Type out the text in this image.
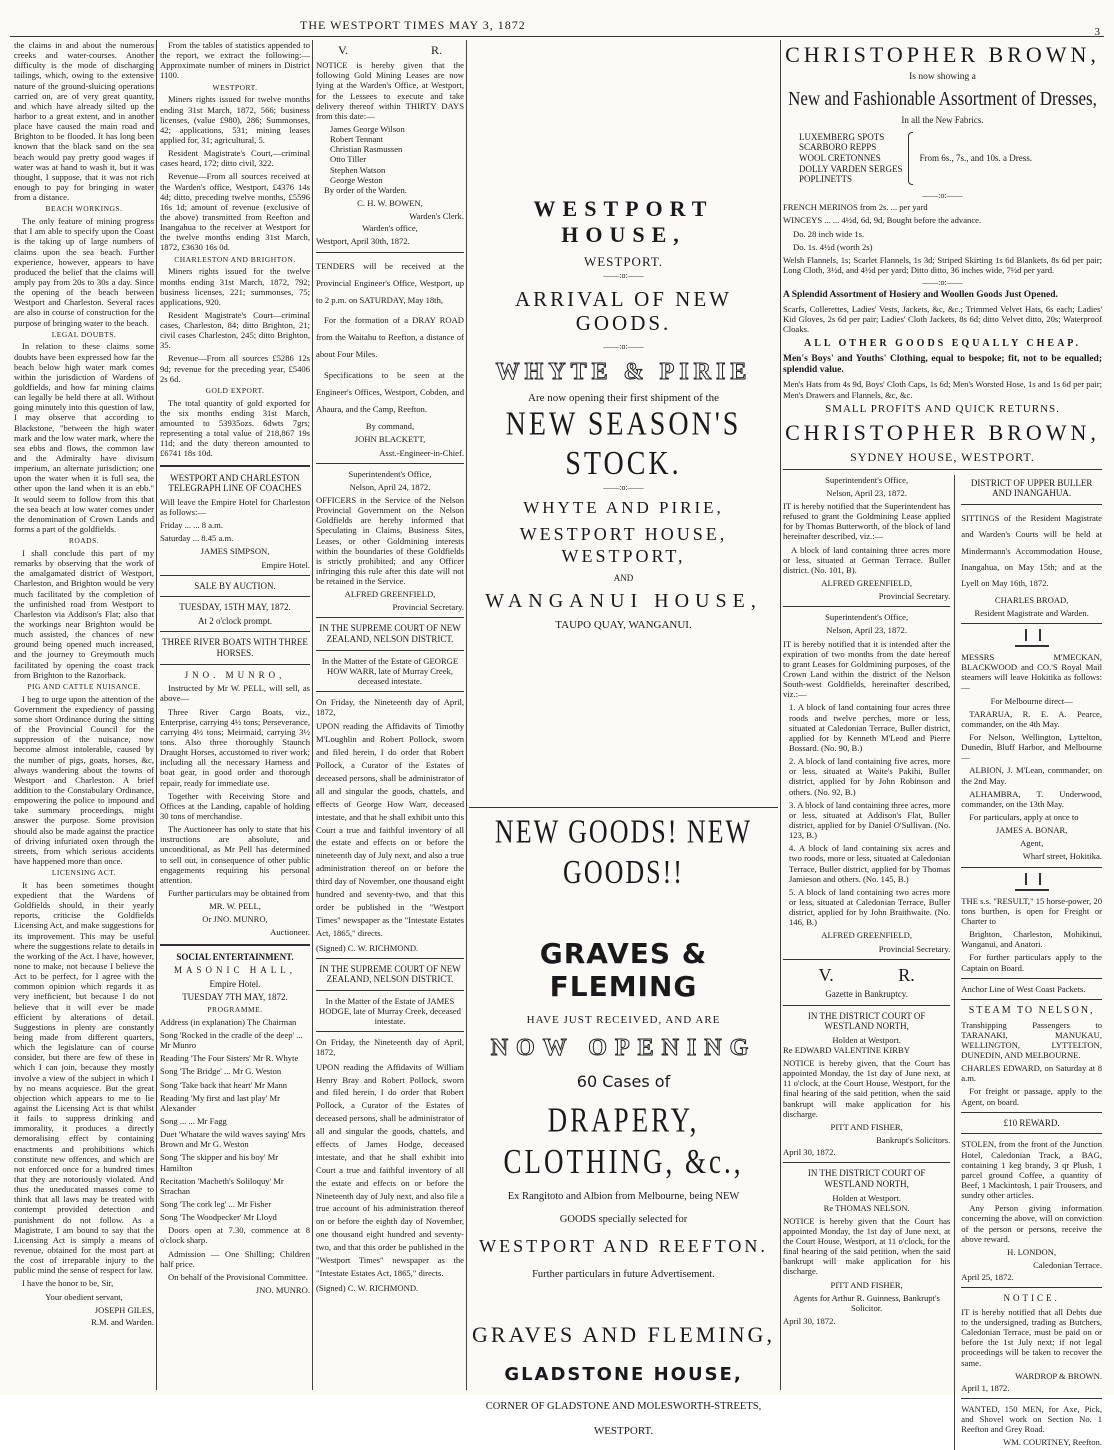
THE WESTPORT TIMES MAY 3, 1872	3

the claims in and about the numerous creeks and water-courses. Another difficulty is the mode of discharging tailings, which, owing to the extensive nature of the ground-sluicing operations carried on, are of very great quantity, and which have already silted up the harbor to a great extent, and in another place have caused the main road and Brighton to be flooded. It has long been known that the black sand on the sea beach would pay pretty good wages if water was at hand to wash it, but it was thought, I suppose, that it was not rich enough to pay for bringing in water from a distance.

BEACH WORKINGS.

The only feature of mining progress that I am able to specify upon the Coast is the taking up of large numbers of claims upon the sea beach. Further experience, however, appears to have produced the belief that the claims will amply pay from 20s to 30s a day. Since the opening of the beach between Westport and Charleston. Several races are also in course of construction for the purpose of bringing water to the beach.

LEGAL DOUBTS.

In relation to these claims some doubts have been expressed how far the beach below high water mark comes within the jurisdiction of Wardens of goldfields, and how far mining claims can legally be held there at all. Without going minutely into this question of law, I may observe that according to Blackstone, "between the high water mark and the low water mark, where the sea ebbs and flows, the common law and the Admiralty have divisum imperium, an alternate jurisdiction; one upon the water when it is full sea, the other upon the land when it is an ebb." It would seem to follow from this that the sea beach at low water comes under the denomination of Crown Lands and forms a part of the goldfields.

ROADS.

I shall conclude this part of my remarks by observing that the work of the amalgamated district of Westport, Charleston, and Brighton would be very much facilitated by the completion of the unfinished road from Westport to Charleston via Addison's Flat; also that the workings near Brighton would be much assisted, the chances of new ground being opened much increased, and the journey to Greymouth much facilitated by opening the coast track from Brighton to the Razorback.

PIG AND CATTLE NUISANCE.

I beg to urge upon the attention of the Government the expediency of passing some short Ordinance during the sitting of the Provincial Council for the suppression of the nuisance, now become almost intolerable, caused by the number of pigs, goats, horses, &c, always wandering about the towns of Westport and Charleston. A brief addition to the Constabulary Ordinance, empowering the police to impound and take summary proceedings, might answer the purpose. Some provision should also be made against the practice of driving infuriated oxen through the streets, from which serious accidents have happened more than once.

LICENSING ACT.

It has been sometimes thought expedient that the Wardens of Goldfields should, in their yearly reports, criticise the Goldfields Licensing Act, and make suggestions for its improvement. This may be useful where the suggestions relate to details in the working of the Act. I have, however, none to make, not because I believe the Act to be perfect, for I agree with the common opinion which regards it as very inefficient, but because I do not believe that it will ever be made efficient by alterations of detail. Suggestions in plenty are constantly being made from different quarters, which the legislature can of course consider, but there are few of these in which I can join, because they mostly involve a view of the subject in which I by no means acquiesce. But the great objection which appears to me to lie against the Licensing Act is that whilst it fails to suppress drinking and immorality, it produces a directly demoralising effect by containing enactments and prohibitions which constitute new offences, and which are not enforced once for a hundred times that they are notoriously violated. And thus the uneducated masses come to think that all laws may be treated with contempt provided detection and punishment do not follow. As a Magistrate, I am bound to say that the Licensing Act is simply a means of revenue, obtained for the most part at the cost of irreparable injury to the public mind the sense of respect for law.

I have the honor to be, Sir,

Your obedient servant,

JOSEPH GILES,

R.M. and Warden.

From the tables of statistics appended to the report, we extract the following:—Approximate number of miners in District 1100.

WESTPORT.

Miners rights issued for twelve months ending 31st March, 1872, 566; business licenses, (value £980), 286; Summonses, 42; applications, 531; mining leases applied for, 31; agricultural, 5.

Resident Magistrate's Court,—criminal cases heard, 172; ditto civil, 322.

Revenue—From all sources received at the Warden's office, Westport, £4376 14s 4d; ditto, preceding twelve months, £5596 16s 1d; amount of revenue (exclusive of the above) transmitted from Reefton and Inangahua to the receiver at Westport for the twelve months ending 31st March, 1872, £3630 16s 0d.

CHARLESTON AND BRIGHTON.

Miners rights issued for the twelve months ending 31st March, 1872, 792; business licenses, 221; summonses, 75; applications, 920.

Resident Magistrate's Court—criminal cases, Charleston, 84; ditto Brighton, 21; civil cases Charleston, 245; ditto Brighton, 35.

Revenue—From all sources £5286 12s 9d; revenue for the preceding year, £5406 2s 6d.

GOLD EXPORT.

The total quantity of gold exported for the six months ending 31st March, amounted to 53935ozs. 6dwts 7grs; representing a total value of 218,867 19s 11d; and the duty thereon amounted to £6741 18s 10d.

WESTPORT AND CHARLESTON TELEGRAPH LINE OF COACHES

Will leave the Empire Hotel for Charleston as follows:—

Friday ... ... 8 a.m.

Saturday ... 8.45 a.m.

JAMES SIMPSON,

Empire Hotel.

SALE BY AUCTION.
TUESDAY, 15TH MAY, 1872.
At 2 o'clock prompt.
THREE RIVER BOATS WITH THREE HORSES.
JNO. MUNRO,

Instructed by Mr W. PELL, will sell, as above—

Three River Cargo Boats, viz., Enterprise, carrying 4½ tons; Perseverance, carrying 4½ tons; Meirmaid, carrying 3½ tons. Also three thoroughly Staunch Draught Horses, accustomed to river work; including all the necessary Harness and boat gear, in good order and thorough repair, ready for immediate use.

Together with Receiving Store and Offices at the Landing, capable of holding 30 tons of merchandise.

The Auctioneer has only to state that his instructions are absolute, and unconditional, as Mr Pell has determined to sell out, in consequence of other public engagements requiring his personal attention.

Further particulars may be obtained from

MR. W. PELL,

Or JNO. MUNRO,

Auctioneer.

SOCIAL ENTERTAINMENT.
MASONIC HALL,
Empire Hotel.
TUESDAY 7TH MAY, 1872.
PROGRAMME.

Address (in explanation) The Chairman

Song 'Rocked in the cradle of the deep' ... Mr Munro

Reading 'The Four Sisters' Mr R. Whyte

Song 'The Bridge' ... Mr G. Weston

Song 'Take back that heart' Mr Mann

Reading 'My first and last play' Mr Alexander

Song ... ... Mr Fagg

Duet 'Whatare the wild waves saying' Mrs Brown and Mr G. Weston

Song 'The skipper and his boy' Mr Hamilton

Recitation 'Macbeth's Soliloquy' Mr Strachan

Song 'The cork leg' ... Mr Fisher

Song 'The Woodpecker' Mr Lloyd

Doors open at 7.30, commence at 8 o'clock sharp.

Admission — One Shilling; Children half price.

On behalf of the Provisional Committee.

JNO. MUNRO.

V. R.

NOTICE is hereby given that the following Gold Mining Leases are now lying at the Warden's Office, at Westport, for the Lessees to execute and take delivery thereof within THIRTY DAYS from this date:—

James George Wilson

Robert Tennant

Christian Rasmussen

Otto Tiller

Stephen Watson

George Weston

By order of the Warden.

C. H. W. BOWEN,

Warden's Clerk.

Warden's office,

Westport, April 30th, 1872.

TENDERS will be received at the Provincial Engineer's Office, Westport, up to 2 p.m. on SATURDAY, May 18th,

For the formation of a DRAY ROAD from the Waitahu to Reefton, a distance of about Four Miles.

Specifications to be seen at the Engineer's Offices, Westport, Cobden, and Ahaura, and the Camp, Reefton.

By command,

JOHN BLACKETT,

Asst.-Engineer-in-Chief.

Superintendent's Office,

Nelson, April 24, 1872.

OFFICERS in the Service of the Nelson Provincial Government on the Nelson Goldfields are hereby informed that Speculating in Claims, Business Sites, Leases, or other Goldmining interests within the boundaries of these Goldfields is strictly prohibited; and any Officer infringing this rule after this date will not be retained in the Service.

ALFRED GREENFIELD,

Provincial Secretary.

IN THE SUPREME COURT OF NEW ZEALAND, NELSON DISTRICT.

In the Matter of the Estate of GEORGE HOW WARR, late of Murray Creek, deceased intestate.

On Friday, the Nineteenth day of April, 1872,

UPON reading the Affidavits of Timothy M'Loughlin and Robert Pollock, sworn and filed herein, I do order that Robert Pollock, a Curator of the Estates of deceased persons, shall be administrator of all and singular the goods, chattels, and effects of George How Warr, deceased intestate, and that he shall exhibit unto this Court a true and faithful inventory of all the estate and effects on or before the nineteenth day of July next, and also a true administration thereof on or before the third day of November, one thousand eight hundred and seventy-two, and that this order be published in the "Westport Times" newspaper as the "Intestate Estates Act, 1865," directs.

(Signed) C. W. RICHMOND.

IN THE SUPREME COURT OF NEW ZEALAND, NELSON DISTRICT.

In the Matter of the Estate of JAMES HODGE, late of Murray Creek, deceased intestate.

On Friday, the Nineteenth day of April, 1872,

UPON reading the Affidavits of William Henry Bray and Robert Pollock, sworn and filed herein, I do order that Robert Pollock, a Curator of the Estates of deceased persons, shall be administrator of all and singular the goods, chattels, and effects of James Hodge, deceased intestate, and that he shall exhibit into Court a true and faithful inventory of all the estate and effects on or before the Nineteenth day of July next, and also file a true account of his administration thereof on or before the eighth day of November, one thousand eight hundred and seventy-two, and that this order be published in the "Westport Times" newspaper as the "Intestate Estates Act, 1865," directs.

(Signed) C. W. RICHMOND.

WESTPORT HOUSE,
WESTPORT.
——:o:——
ARRIVAL OF NEW GOODS.
——:o:——
WHYTE & PIRIE
Are now opening their first shipment of the
NEW SEASON'S STOCK.
——:o:——
WHYTE AND PIRIE,
WESTPORT HOUSE, WESTPORT,
AND
WANGANUI HOUSE,
TAUPO QUAY, WANGANUI.
NEW GOODS! NEW GOODS!!
GRAVES & FLEMING
HAVE JUST RECEIVED, AND ARE
NOW OPENING
60 Cases of
DRAPERY, CLOTHING, &c.,
Ex Rangitoto and Albion from Melbourne, being NEW
GOODS specially selected for
WESTPORT AND REEFTON.
Further particulars in future Advertisement.
GRAVES AND FLEMING,
GLADSTONE HOUSE,
CORNER OF GLADSTONE AND MOLESWORTH-STREETS,
WESTPORT.
CHRISTOPHER BROWN,
Is now showing a
New and Fashionable Assortment of Dresses,
In all the New Fabrics.

LUXEMBERG SPOTS

SCARBORO REPPS

WOOL CRETONNES

DOLLY VARDEN SERGES

POPLINETTS

From 6s., 7s., and 10s. a Dress.
——:o:——

FRENCH MERINOS from 2s. ... per yard

WINCEYS ... ... 4½d, 6d, 9d, Bought before the advance.

Do. 28 inch wide 1s.

Do. 1s. 4½d (worth 2s)

Welsh Flannels, 1s; Scarlet Flannels, 1s 3d; Striped Skirting 1s 6d Blankets, 8s 6d per pair; Long Cloth, 3½d, and 4½d per yard; Ditto ditto, 36 inches wide, 7½d per yard.

——:o:——

A Splendid Assortment of Hosiery and Woollen Goods Just Opened.

Scarfs, Collerettes, Ladies' Vests, Jackets, &c, &c.; Trimmed Velvet Hats, 6s each; Ladies' Kid Gloves, 2s 6d per pair; Ladies' Cloth Jackets, 8s 6d; ditto Velvet ditto, 20s; Waterproof Cloaks.

ALL OTHER GOODS EQUALLY CHEAP.

Men's Boys' and Youths' Clothing, equal to bespoke; fit, not to be equalled; splendid value.

Men's Hats from 4s 9d, Boys' Cloth Caps, 1s 6d; Men's Worsted Hose, 1s and 1s 6d per pair; Men's Drawers and Flannels, &c, &c.

SMALL PROFITS AND QUICK RETURNS.
CHRISTOPHER BROWN,
SYDNEY HOUSE, WESTPORT.

Superintendent's Office,

Nelson, April 23, 1872.

IT is hereby notified that the Superintendent has refused to grant the Goldmining Lease applied for by Thomas Butterworth, of the block of land hereinafter described, viz.:—

A block of land containing three acres more or less, situated at German Terrace. Buller district. (No. 101, B).

ALFRED GREENFIELD,

Provincial Secretary.

Superintendent's Office,

Nelson, April 23, 1872.

IT is hereby notified that it is intended after the expiration of two months from the date hereof to grant Leases for Goldmining purposes, of the Crown Land within the district of the Nelson South-west Goldfields, hereinafter described, viz.:—

1. A block of land containing four acres three roods and twelve perches, more or less, situated at Caledonian Terrace, Buller district, applied for by Kenneth M'Leod and Pierre Bossard. (No. 90, B.)

2. A block of land containing five acres, more or less, situated at Waite's Pakihi, Buller district, applied for by John Robinson and others. (No. 92, B.)

3. A block of land containing three acres, more or less, situated at Addison's Flat, Buller district, applied for by Daniel O'Sullivan. (No. 123, B.)

4. A block of land containing six acres and two roods, more or less, situated at Caledonian Terrace, Buller district, applied for by Thomas Jamieson and others. (No. 145, B.)

5. A block of land containing two acres more or less, situated at Caledonian Terrace, Buller district, applied for by John Braithwaite. (No. 146, B.)

ALFRED GREENFIELD,

Provincial Secretary.

V. R.
Gazette in Bankruptcy.
IN THE DISTRICT COURT OF WESTLAND NORTH,
Holden at Westport.

Re EDWARD VALENTINE KIRBY

NOTICE is hereby given, that the Court has appointed Monday, the 1st day of June next, at 11 o'clock, at the Court House, Westport, for the final hearing of the said petition, when the said bankrupt will make application for his discharge.

PITT AND FISHER,

Bankrupt's Solicitors.

April 30, 1872.

IN THE DISTRICT COURT OF WESTLAND NORTH,
Holden at Westport.

Re THOMAS NELSON.

NOTICE is hereby given that the Court has appointed Monday, the 1st day of June next, at the Court House, Westport, at 11 o'clock, for the final hearing of the said petition, when the said bankrupt will make application for his discharge.

PITT AND FISHER,

Agents for Arthur R. Guinness, Bankrupt's Solicitor.

April 30, 1872.

DISTRICT OF UPPER BULLER AND INANGAHUA.

SITTINGS of the Resident Magistrate and Warden's Courts will be held at Mindermann's Accommodation House, Inangahua, on May 15th; and at the Lyell on May 16th, 1872.

CHARLES BROAD,

Resident Magistrate and Warden.

MESSRS M'MECKAN, BLACKWOOD and CO.'S Royal Mail steamers will leave Hokitika as follows:—

For Melbourne direct—

TARARUA, R. E. A. Pearce, commander, on the 4th May.

For Nelson, Wellington, Lyttelton, Dunedin, Bluff Harbor, and Melbourne—

ALBION, J. M'Lean, commander, on the 2nd May.

ALHAMBRA, T. Underwood, commander, on the 13th May.

For particulars, apply at once to

JAMES A. BONAR,

Agent,

Wharf street, Hokitika.

THE s.s. "RESULT," 15 horse-power, 20 tons burthen, is open for Freight or Charter to

Brighton, Charleston, Mohikinui, Wanganui, and Anatori.

For further particulars apply to the Captain on Board.

Anchor Line of West Coast Packets.

STEAM TO NELSON,

Transhipping Passengers to TARANAKI, MANUKAU, WELLINGTON, LYTTELTON, DUNEDIN, AND MELBOURNE.

CHARLES EDWARD, on Saturday at 8 a.m.

For freight or passage, apply to the Agent, on board.

£10 REWARD.

STOLEN, from the front of the Junction Hotel, Caledonian Track, a BAG, containing 1 keg brandy, 3 qr Plush, 1 parcel ground Coffee, a quantity of Beef, 1 Mackintosh, 1 pair Trousers, and sundry other articles.

Any Person giving information concerning the above, will on conviction of the person or persons, receive the above reward.

H. LONDON,

Caledonian Terrace.

April 25, 1872.

NOTICE.

IT is hereby notified that all Debts due to the undersigned, trading as Butchers, Caledonian Terrace, must be paid on or before the 1st July next; if not legal proceedings will be taken to recover the same.

WARDROP & BROWN.

April 1, 1872.

WANTED, 150 MEN, for Axe, Pick, and Shovel work on Section No. 1 Reefton and Grey Road.

WM. COURTNEY, Reefton.
